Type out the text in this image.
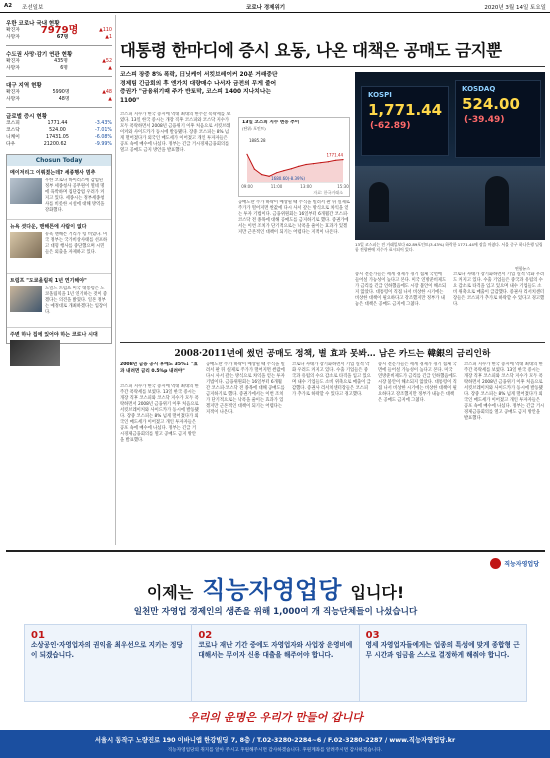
A2 조선일보	코로나 경제위기	2020년 3월 14일 토요일
우한 코로나 국내 현황
확진자 7979명	▲110
사망자	67명	▲1
수도권 사망·감기 연관 현황
확진자	435명	▲52
사망자	6명	▲
대구 지역 현황
확진자	5990명	▲48
사망자	48명	▲
글로벌 증시 현황
코스피	1771.44	-3.43%
코스닥	524.00	-7.01%
니케이	17431.05	-6.08%
다우	21200.62	-9.99%
Chosun Today
메이저리그 이뤄졌는데? 세종행사 멈추
우한 코로나 바이러스에 감염된 정부 세종청사 공무원이 열네 명에 육박하며 집단감염 우려가 커지고 있다. 세종시는 정부세종청사를 비롯한 시설에 대해 방역을 강화했다.
뉴욕 셧다운, 맨해튼에 사람이 없다
뉴욕 맨해튼 거리가 텅 비었다. 미국 정부는 국가비상사태를 선포하고 대형 행사를 중단했으며 시민들은 외출을 자제하고 있다.
트럼프 "도쿄올림픽 1년 연기해야"
도널드 트럼프 미국 대통령은 도쿄올림픽을 1년 연기하는 것이 좋겠다는 의견을 밝혔다. 일본 정부는 예정대로 개최하겠다는 입장이다.
주변 하나 집에 있어야 하는 코로나 시대
대통령 한마디에 증시 요동, 나온 대책은 공매도 금지뿐
코스피 장중 8% 폭락, 日닛케이 서킷브레이커 20분 거래중단 경제팀 긴급회의 후 엔가치 대량매수 나서자 금전의 무게 줄어 증권가 "금융위기때 주가 반토막, 코스피 1400 지나치나는 1100"
코스피 지수가 한국 증시에 역대 최대의 한주간 폭락세를 보였다. 13일 한국 증시는 개장 직후 코스피와 코스닥 지수가 모두 폭락하면서 2008년 금융위기 이후 처음으로 서킷브레이커와 사이드카가 동시에 발동됐다. 장중 코스피는 8% 넘게 떨어졌다가 외국인 매도세가 이어졌고 개인 투자자들은 공포 속에 매수에 나섰다. 정부는 긴급 거시경제금융회의를 열고 공매도 금지 방안을 발표했다.
13일 코스피 지수 변동 추이
(단위: 포인트)
1885.28
1680.60(-8.39%)
1771.44
09:00	11:00	13:00	15:30
자료: 한국거래소
공매도란 주가 하락이 예상될 때 주식을 빌려서 판 뒤 실제로 주가가 떨어지면 싼값에 다시 사서 갚는 방식으로 차익을 얻는 투자 기법이다. 금융위원회는 16일부터 6개월간 코스피·코스닥 전 종목에 대해 공매도를 금지하기로 했다. 증권가에서는 이번 조치가 단기적으로는 낙폭을 줄이는 효과가 있겠지만 근본적인 대책이 되기는 어렵다는 지적이 나온다.
KOSPI
1,771.44
(-62.89)
KOSDAQ
524.00
(-39.49)
13일 코스피는 전 거래일보다 62.89포인트(3.43%) 하락한 1771.44에 장을 마쳤다. 서울 중구 하나은행 딜링룸 전광판에 지수가 표시되어 있다.
연합뉴스
증시 전문가들은 세계 경제가 경기 침체 국면에 들어설 가능성이 높다고 본다. 미국 연방준비제도가 금리를 긴급 인하했음에도 시장 불안이 해소되지 않았다. 대통령이 직접 나서 비상한 시기에는 비상한 대책이 필요하다고 강조했지만 정부가 내놓은 대책은 공매도 금지에 그쳤다.
코로나 사태가 장기화하면서 기업 실적 악화 우려도 커지고 있다. 수출 기업들은 중국과 유럽의 수요 감소로 타격을 입고 있으며 내수 기업들도 소비 위축으로 매출이 급감했다. 증권사 리서치센터장들은 코스피가 추가로 하락할 수 있다고 경고했다.
2008·2011년에 썼던 공매도 정책, 별 효과 못봐… 남은 카드는 韓銀의 금리인하
2008년 금융 공시 후에도 35%↓ "효과 내려면 금리 0.5%p 내려야"
코스피 지수가 한국 증시에 역대 최대의 한주간 폭락세를 보였다. 13일 한국 증시는 개장 직후 코스피와 코스닥 지수가 모두 폭락하면서 2008년 금융위기 이후 처음으로 서킷브레이커와 사이드카가 동시에 발동됐다. 장중 코스피는 8% 넘게 떨어졌다가 외국인 매도세가 이어졌고 개인 투자자들은 공포 속에 매수에 나섰다. 정부는 긴급 거시경제금융회의를 열고 공매도 금지 방안을 발표했다.
공매도란 주가 하락이 예상될 때 주식을 빌려서 판 뒤 실제로 주가가 떨어지면 싼값에 다시 사서 갚는 방식으로 차익을 얻는 투자 기법이다. 금융위원회는 16일부터 6개월간 코스피·코스닥 전 종목에 대해 공매도를 금지하기로 했다. 증권가에서는 이번 조치가 단기적으로는 낙폭을 줄이는 효과가 있겠지만 근본적인 대책이 되기는 어렵다는 지적이 나온다.
코로나 사태가 장기화하면서 기업 실적 악화 우려도 커지고 있다. 수출 기업들은 중국과 유럽의 수요 감소로 타격을 입고 있으며 내수 기업들도 소비 위축으로 매출이 급감했다. 증권사 리서치센터장들은 코스피가 추가로 하락할 수 있다고 경고했다.
증시 전문가들은 세계 경제가 경기 침체 국면에 들어설 가능성이 높다고 본다. 미국 연방준비제도가 금리를 긴급 인하했음에도 시장 불안이 해소되지 않았다. 대통령이 직접 나서 비상한 시기에는 비상한 대책이 필요하다고 강조했지만 정부가 내놓은 대책은 공매도 금지에 그쳤다.
코스피 지수가 한국 증시에 역대 최대의 한주간 폭락세를 보였다. 13일 한국 증시는 개장 직후 코스피와 코스닥 지수가 모두 폭락하면서 2008년 금융위기 이후 처음으로 서킷브레이커와 사이드카가 동시에 발동됐다. 장중 코스피는 8% 넘게 떨어졌다가 외국인 매도세가 이어졌고 개인 투자자들은 공포 속에 매수에 나섰다. 정부는 긴급 거시경제금융회의를 열고 공매도 금지 방안을 발표했다.
직능자영업당
이제는 직능자영업당 입니다!
일천만 자영업 경제인의 생존을 위해 1,000여 개 직능단체들이 나섰습니다
01
소상공인·자영업자의 권익을 최우선으로 지키는 정당이 되겠습니다.
02
코로나 재난 기간 중에도 자영업자와 사업장 운영비에 대해서는 무이자 신용 대출을 해주어야 합니다.
03
영세 자영업자들에게는 업종의 특성에 맞게 종합형 근무 시간과 임금을 스스로 결정하게 해줘야 합니다.
우리의 운명은 우리가 만들어 갑니다
서울시 동작구 노량진로 190 이바니앱 한강빌딩 7, 8층 / T.02-3280-2284~6 / F.02-3280-2287 / www.직능자영업당.kr
직능자영업당의 취지를 알아 주시고 후원해주시면 감사하겠습니다. 후원계좌를 알려주시면 감사하겠습니다.
